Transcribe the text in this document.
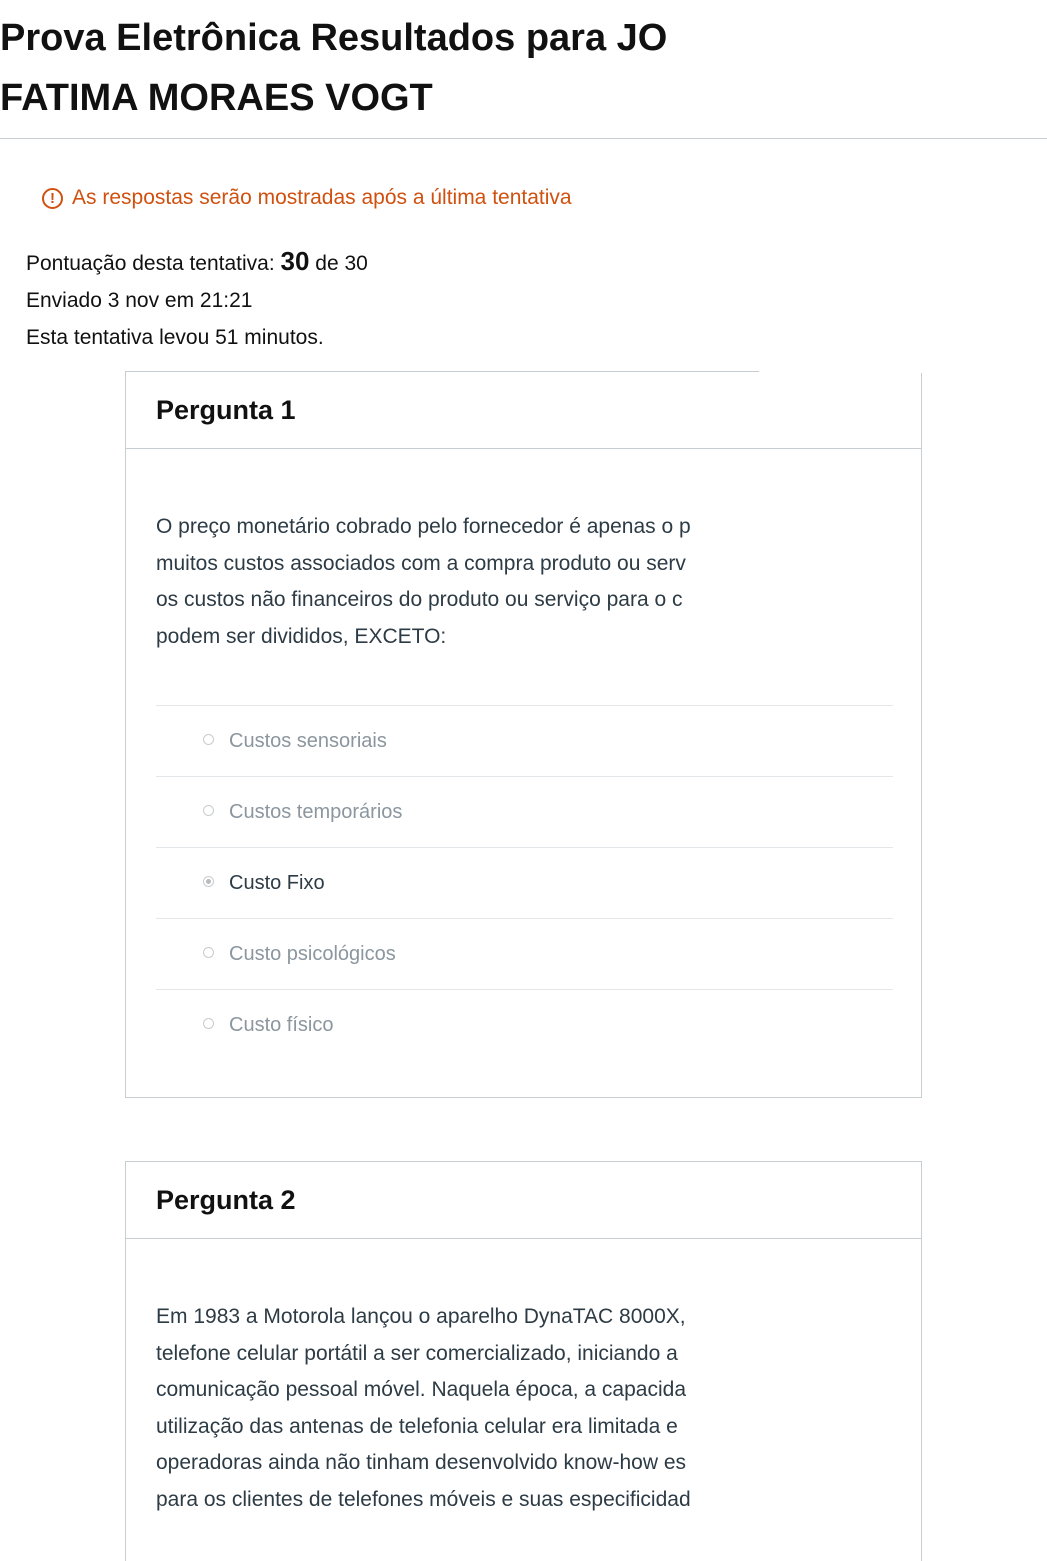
Prova Eletrônica Resultados para JO
FATIMA MORAES VOGT
! As respostas serão mostradas após a última tentativa
Pontuação desta tentativa: 30 de 30
Enviado 3 nov em 21:21
Esta tentativa levou 51 minutos.
Pergunta 1
O preço monetário cobrado pelo fornecedor é apenas o p
muitos custos associados com a compra produto ou serv
os custos não financeiros do produto ou serviço para o c
podem ser divididos, EXCETO:
Custos sensoriais
Custos temporários
Custo Fixo
Custo psicológicos
Custo físico
Pergunta 2
Em 1983 a Motorola lançou o aparelho DynaTAC 8000X,
telefone celular portátil a ser comercializado, iniciando a
comunicação pessoal móvel. Naquela época, a capacida
utilização das antenas de telefonia celular era limitada e
operadoras ainda não tinham desenvolvido know-how es
para os clientes de telefones móveis e suas especificidad
